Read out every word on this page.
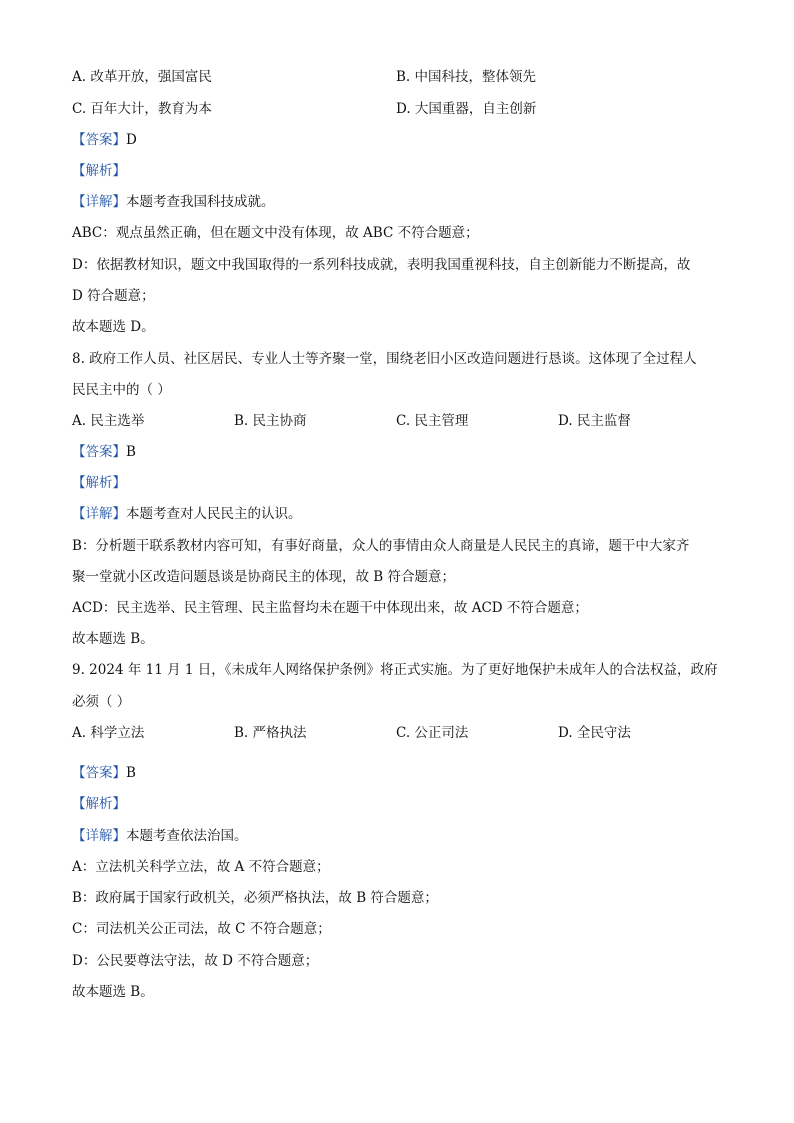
A. 改革开放，强国富民	B. 中国科技，整体领先
C. 百年大计，教育为本	D. 大国重器，自主创新
【答案】D
【解析】
【详解】本题考查我国科技成就。
ABC：观点虽然正确，但在题文中没有体现，故 ABC 不符合题意；
D：依据教材知识，题文中我国取得的一系列科技成就，表明我国重视科技，自主创新能力不断提高，故
D 符合题意；
故本题选 D。
8. 政府工作人员、社区居民、专业人士等齐聚一堂，围绕老旧小区改造问题进行恳谈。这体现了全过程人
民民主中的（ ）
A. 民主选举	B. 民主协商	C. 民主管理	D. 民主监督
【答案】B
【解析】
【详解】本题考查对人民民主的认识。
B：分析题干联系教材内容可知，有事好商量，众人的事情由众人商量是人民民主的真谛，题干中大家齐
聚一堂就小区改造问题恳谈是协商民主的体现，故 B 符合题意；
ACD：民主选举、民主管理、民主监督均未在题干中体现出来，故 ACD 不符合题意；
故本题选 B。
9. 2024 年 11 月 1 日，《未成年人网络保护条例》将正式实施。为了更好地保护未成年人的合法权益，政府
必须（ ）
A. 科学立法	B. 严格执法	C. 公正司法	D. 全民守法
【答案】B
【解析】
【详解】本题考查依法治国。
A：立法机关科学立法，故 A 不符合题意；
B：政府属于国家行政机关，必须严格执法，故 B 符合题意；
C：司法机关公正司法，故 C 不符合题意；
D：公民要尊法守法，故 D 不符合题意；
故本题选 B。
